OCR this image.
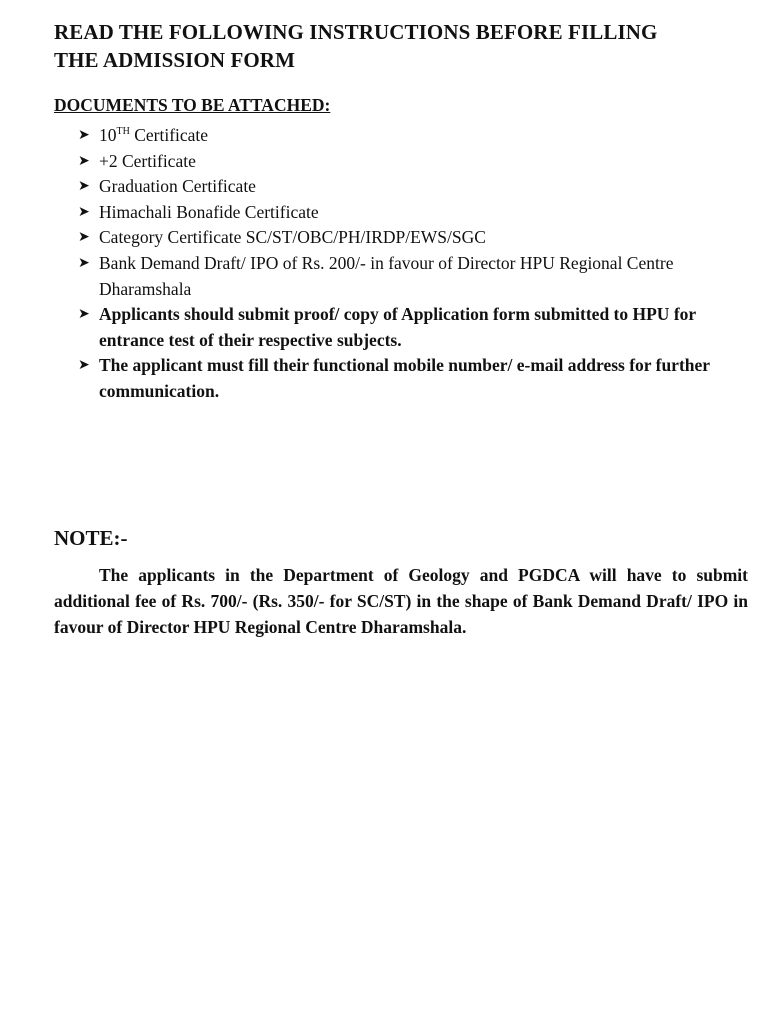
READ THE FOLLOWING INSTRUCTIONS BEFORE FILLING
THE ADMISSION FORM
DOCUMENTS TO BE ATTACHED:
➤ 10TH Certificate
➤ +2 Certificate
➤ Graduation Certificate
➤ Himachali Bonafide Certificate
➤ Category Certificate SC/ST/OBC/PH/IRDP/EWS/SGC
➤ Bank Demand Draft/ IPO of Rs. 200/- in favour of Director HPU Regional Centre Dharamshala
➤ Applicants should submit proof/ copy of Application form submitted to HPU for entrance test of their respective subjects.
➤ The applicant must fill their functional mobile number/ e-mail address for further communication.
NOTE:-

The applicants in the Department of Geology and PGDCA will have to submit additional fee of Rs. 700/- (Rs. 350/- for SC/ST) in the shape of Bank Demand Draft/ IPO in favour of Director HPU Regional Centre Dharamshala.
